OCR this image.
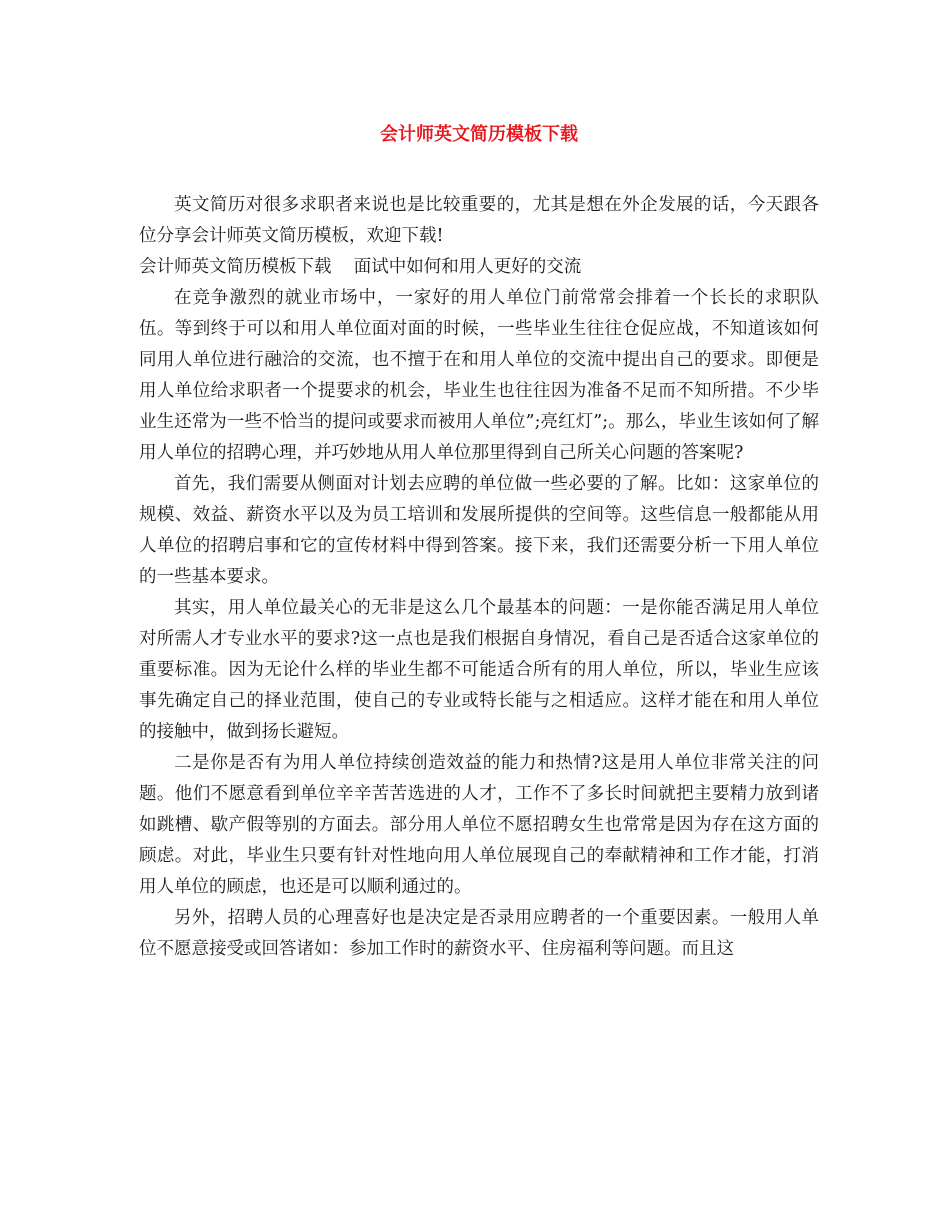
会计师英文简历模板下载

英文简历对很多求职者来说也是比较重要的，尤其是想在外企发展的话，今天跟各位分享会计师英文简历模板，欢迎下载!

会计师英文简历模板下载    面试中如何和用人更好的交流

在竞争激烈的就业市场中，一家好的用人单位门前常常会排着一个长长的求职队伍。等到终于可以和用人单位面对面的时候，一些毕业生往往仓促应战，不知道该如何同用人单位进行融洽的交流，也不擅于在和用人单位的交流中提出自己的要求。即便是用人单位给求职者一个提要求的机会，毕业生也往往因为准备不足而不知所措。不少毕业生还常为一些不恰当的提问或要求而被用人单位”;亮红灯”;。那么，毕业生该如何了解用人单位的招聘心理，并巧妙地从用人单位那里得到自己所关心问题的答案呢?

首先，我们需要从侧面对计划去应聘的单位做一些必要的了解。比如：这家单位的规模、效益、薪资水平以及为员工培训和发展所提供的空间等。这些信息一般都能从用人单位的招聘启事和它的宣传材料中得到答案。接下来，我们还需要分析一下用人单位的一些基本要求。

其实，用人单位最关心的无非是这么几个最基本的问题：一是你能否满足用人单位对所需人才专业水平的要求?这一点也是我们根据自身情况，看自己是否适合这家单位的重要标准。因为无论什么样的毕业生都不可能适合所有的用人单位，所以，毕业生应该事先确定自己的择业范围，使自己的专业或特长能与之相适应。这样才能在和用人单位的接触中，做到扬长避短。

二是你是否有为用人单位持续创造效益的能力和热情?这是用人单位非常关注的问题。他们不愿意看到单位辛辛苦苦选进的人才，工作不了多长时间就把主要精力放到诸如跳槽、歇产假等别的方面去。部分用人单位不愿招聘女生也常常是因为存在这方面的顾虑。对此，毕业生只要有针对性地向用人单位展现自己的奉献精神和工作才能，打消用人单位的顾虑，也还是可以顺利通过的。

另外，招聘人员的心理喜好也是决定是否录用应聘者的一个重要因素。一般用人单位不愿意接受或回答诸如：参加工作时的薪资水平、住房福利等问题。而且这
